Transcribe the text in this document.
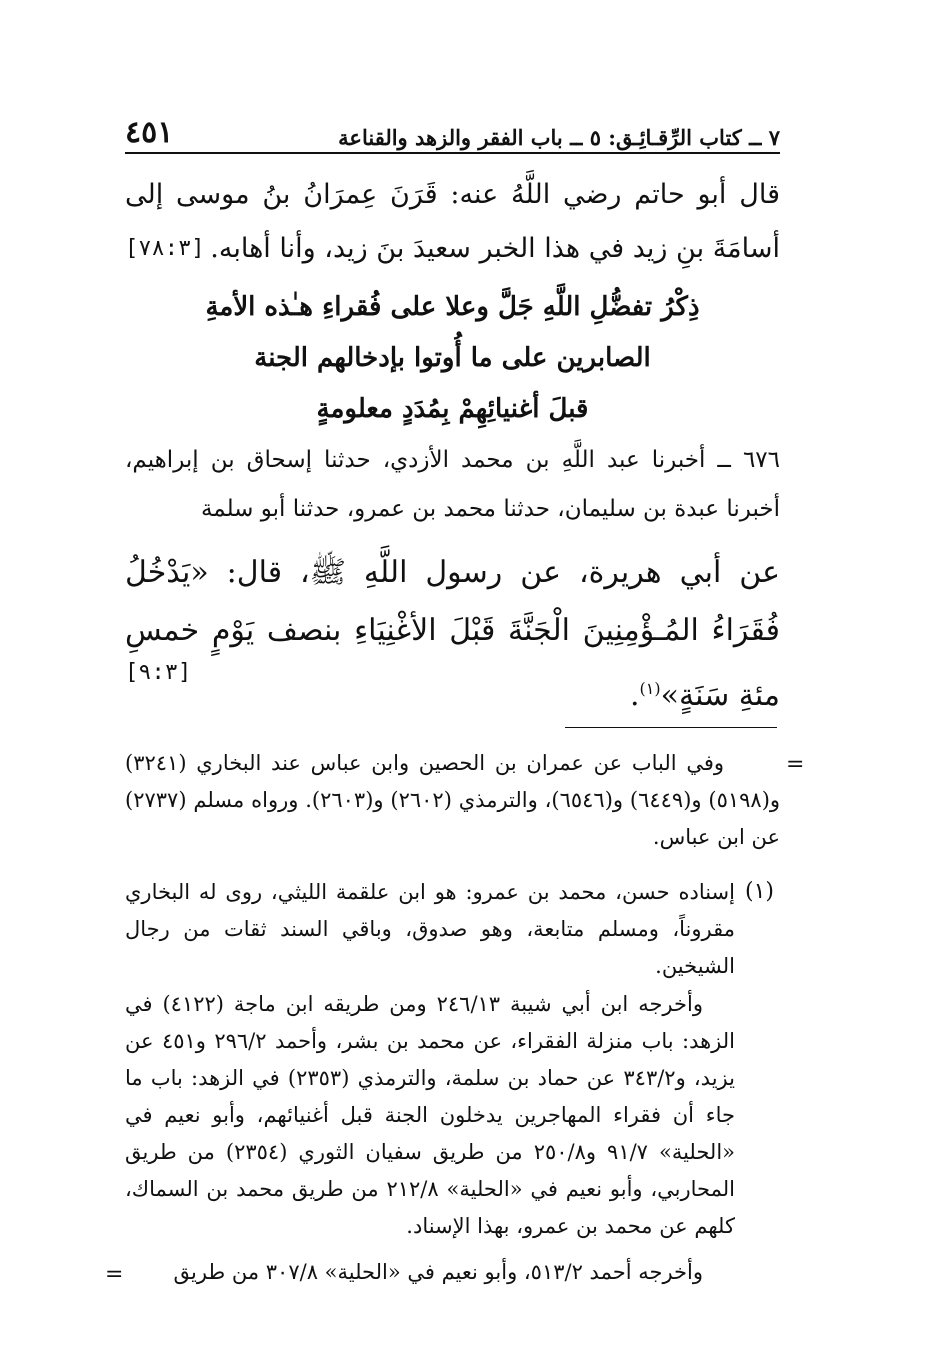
٧ ــ كتاب الرِّقـائِـق: ٥ ــ باب الفقر والزهد والقناعة
٤٥١

قال أبو حاتم رضي اللَّهُ عنه: قَرَنَ عِمرَانُ بنُ موسى إلى أسامَةَ بنِ زيد في هذا الخبر سعيدَ بنَ زيد، وأنا أهابه.
[٧٨:٣]

ذِكْرُ تفضُّلِ اللَّهِ جَلَّ وعلا على فُقراءِ هـٰذه الأمةِ
الصابرين على ما أُوتوا بإدخالهم الجنة
قبلَ أغنيائِهِمْ بِمُدَدٍ معلومةٍ

٦٧٦ ــ أخبرنا عبد اللَّهِ بن محمد الأزدي، حدثنا إسحاق بن إبراهيم، أخبرنا عبدة بن سليمان، حدثنا محمد بن عمرو، حدثنا أبو سلمة

عن أبي هريرة، عن رسول اللَّهِ ﷺ، قال: «يَدْخُلُ فُقَرَاءُ المُـؤْمِنِينَ الْجَنَّةَ قَبْلَ الأغْنِيَاءِ بنصف يَوْمٍ خمسِ مئةِ سَنَةٍ»$^{(١)}$.

[٩:٣]
=

وفي الباب عن عمران بن الحصين وابن عباس عند البخاري (٣٢٤١) و(٥١٩٨) و(٦٤٤٩) و(٦٥٤٦)، والترمذي (٢٦٠٢) و(٢٦٠٣). ورواه مسلم (٢٧٣٧) عن ابن عباس.

(١)

إسناده حسن، محمد بن عمرو: هو ابن علقمة الليثي، روى له البخاري مقروناً، ومسلم متابعة، وهو صدوق، وباقي السند ثقات من رجال الشيخين.

وأخرجه ابن أبي شيبة ٢٤٦/١٣ ومن طريقه ابن ماجة (٤١٢٢) في الزهد: باب منزلة الفقراء، عن محمد بن بشر، وأحمد ٢٩٦/٢ و٤٥١ عن يزيد، و٣٤٣/٢ عن حماد بن سلمة، والترمذي (٢٣٥٣) في الزهد: باب ما جاء أن فقراء المهاجرين يدخلون الجنة قبل أغنيائهم، وأبو نعيم في «الحلية» ٩١/٧ و٢٥٠/٨ من طريق سفيان الثوري (٢٣٥٤) من طريق المحاربي، وأبو نعيم في «الحلية» ٢١٢/٨ من طريق محمد بن السماك، كلهم عن محمد بن عمرو، بهذا الإسناد.

وأخرجه أحمد ٥١٣/٢، وأبو نعيم في «الحلية» ٣٠٧/٨ من طريق

=
